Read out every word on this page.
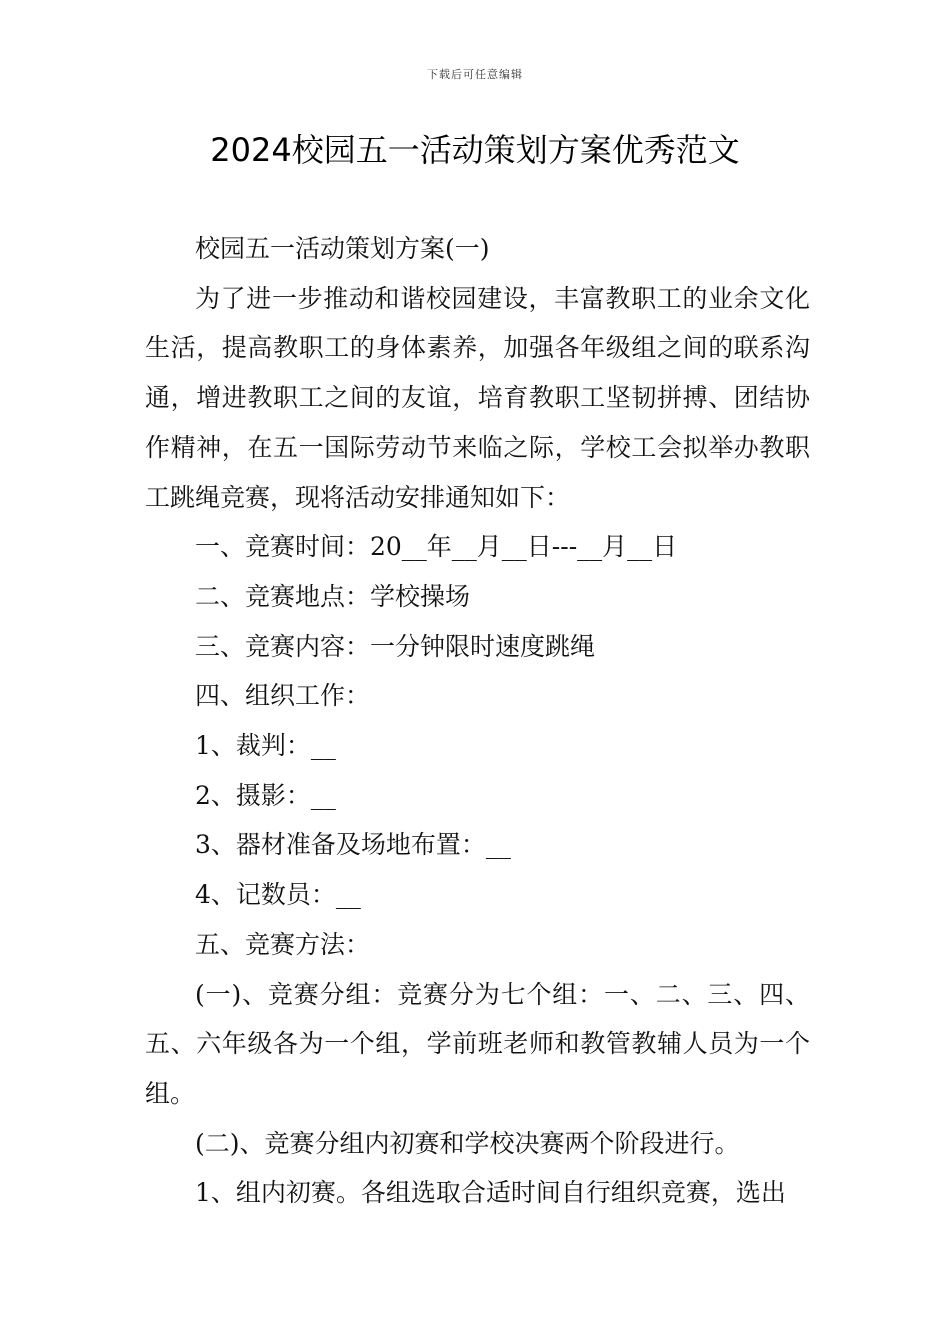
下载后可任意编辑
2024校园五一活动策划方案优秀范文

校园五一活动策划方案(一)

为了进一步推动和谐校园建设，丰富教职工的业余文化生活，提高教职工的身体素养，加强各年级组之间的联系沟通，增进教职工之间的友谊，培育教职工坚韧拼搏、团结协作精神，在五一国际劳动节来临之际，学校工会拟举办教职工跳绳竞赛，现将活动安排通知如下：

一、竞赛时间：20__年__月__日---__月__日

二、竞赛地点：学校操场

三、竞赛内容：一分钟限时速度跳绳

四、组织工作：

1、裁判：__

2、摄影：__

3、器材准备及场地布置：__

4、记数员：__

五、竞赛方法：

(一)、竞赛分组：竞赛分为七个组：一、二、三、四、五、六年级各为一个组，学前班老师和教管教辅人员为一个组。

(二)、竞赛分组内初赛和学校决赛两个阶段进行。

1、组内初赛。各组选取合适时间自行组织竞赛，选出
